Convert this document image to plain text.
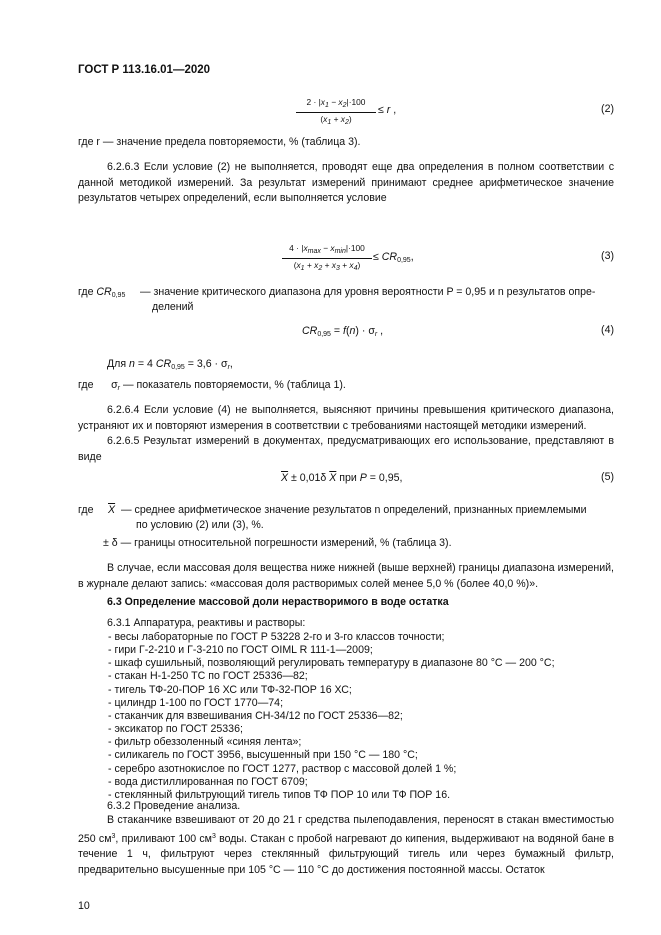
ГОСТ Р 113.16.01—2020
$2 \cdot |x_1 - x_2|\cdot 100$
$(x_1 + x_2)$
≤ r ,	(2)
где r — значение предела повторяемости, % (таблица 3).
6.2.6.3 Если условие (2) не выполняется, проводят еще два определения в полном соответствии с данной методикой измерений. За результат измерений принимают среднее арифметическое значение результатов четырех определений, если выполняется условие
$4 \cdot |x_{max} - x_{min}|\cdot 100$
$(x_1 + x_2 + x_3 + x_4)$
≤ $CR_{0,95}$,	(3)
где $CR_{0,95}$ — значение критического диапазона для уровня вероятности P = 0,95 и n результатов опре-
делений
$CR_{0,95} = f(n) \cdot \sigma_r$ ,	(4)
Для n = 4 $CR_{0,95} = 3,6 \cdot \sigma_r$,
где      $\sigma_r$ — показатель повторяемости, % (таблица 1).
6.2.6.4 Если условие (4) не выполняется, выясняют причины превышения критического диапазона, устраняют их и повторяют измерения в соответствии с требованиями настоящей методики измерений.
6.2.6.5 Результат измерений в документах, предусматривающих его использование, представляют в виде
$\overline{X} \pm 0,01\delta$ $\overline{X}$ при P = 0,95,	(5)
где $\overline{X}$ — среднее арифметическое значение результатов n определений, признанных приемлемыми
по условию (2) или (3), %.
± δ — границы относительной погрешности измерений, % (таблица 3).
В случае, если массовая доля вещества ниже нижней (выше верхней) границы диапазона измерений, в журнале делают запись: «массовая доля растворимых солей менее 5,0 % (более 40,0 %)».
6.3 Определение массовой доли нерастворимого в воде остатка
6.3.1 Аппаратура, реактивы и растворы:
- весы лабораторные по ГОСТ Р 53228 2-го и 3-го классов точности;
- гири Г-2-210 и Г-3-210 по ГОСТ OIML R 111-1—2009;
- шкаф сушильный, позволяющий регулировать температуру в диапазоне 80 °С — 200 °С;
- стакан Н-1-250 ТС по ГОСТ 25336—82;
- тигель ТФ-20-ПОР 16 ХС или ТФ-32-ПОР 16 ХС;
- цилиндр 1-100 по ГОСТ 1770—74;
- стаканчик для взвешивания СН-34/12 по ГОСТ 25336—82;
- эксикатор по ГОСТ 25336;
- фильтр обеззоленный «синяя лента»;
- силикагель по ГОСТ 3956, высушенный при 150 °С — 180 °С;
- серебро азотнокислое по ГОСТ 1277, раствор с массовой долей 1 %;
- вода дистиллированная по ГОСТ 6709;
- стеклянный фильтрующий тигель типов ТФ ПОР 10 или ТФ ПОР 16.
6.3.2 Проведение анализа.
В стаканчике взвешивают от 20 до 21 г средства пылеподавления, переносят в стакан вместимостью 250 $см^3$, приливают 100 $см^3$ воды. Стакан с пробой нагревают до кипения, выдерживают на водяной бане в течение 1 ч, фильтруют через стеклянный фильтрующий тигель или через бумажный фильтр, предварительно высушенные при 105 °С — 110 °С до достижения постоянной массы. Остаток
10
